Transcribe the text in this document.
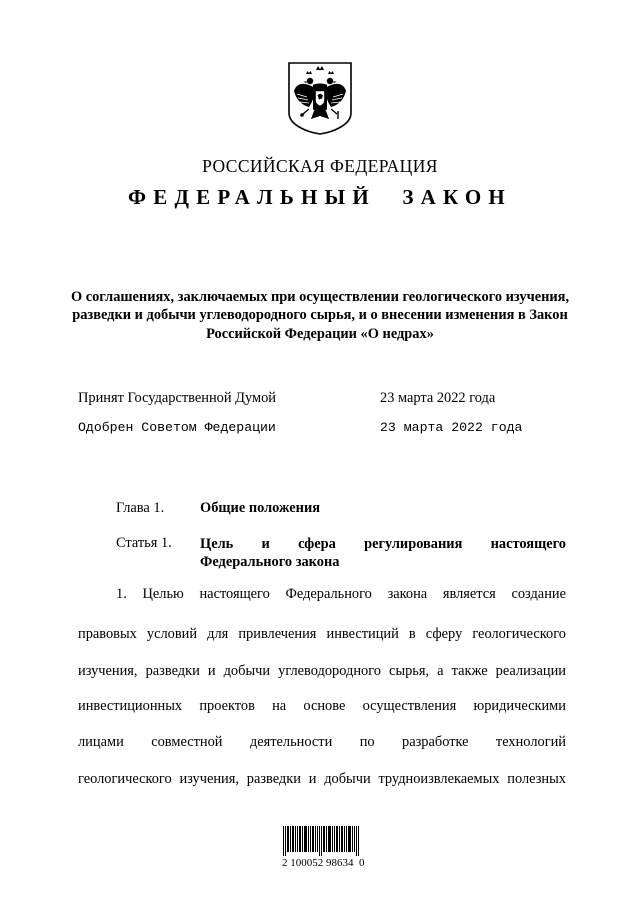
РОССИЙСКАЯ ФЕДЕРАЦИЯ
ФЕДЕРАЛЬНЫЙ ЗАКОН
О соглашениях, заключаемых при осуществлении геологического изучения, разведки и добычи углеводородного сырья, и о внесении изменения в Закон Российской Федерации «О недрах»
Принят Государственной Думой	23 марта 2022 года
Одобрен Советом Федерации	23 марта 2022 года
Глава 1. Общие положения
Статья 1. Цель и сфера регулирования настоящего
Федерального закона
1. Целью настоящего Федерального закона является создание
правовых условий для привлечения инвестиций в сферу геологического
изучения, разведки и добычи углеводородного сырья, а также реализации
инвестиционных проектов на основе осуществления юридическими
лицами совместной деятельности по разработке технологий
геологического изучения, разведки и добычи трудноизвлекаемых полезных
2 100052 98634  0
